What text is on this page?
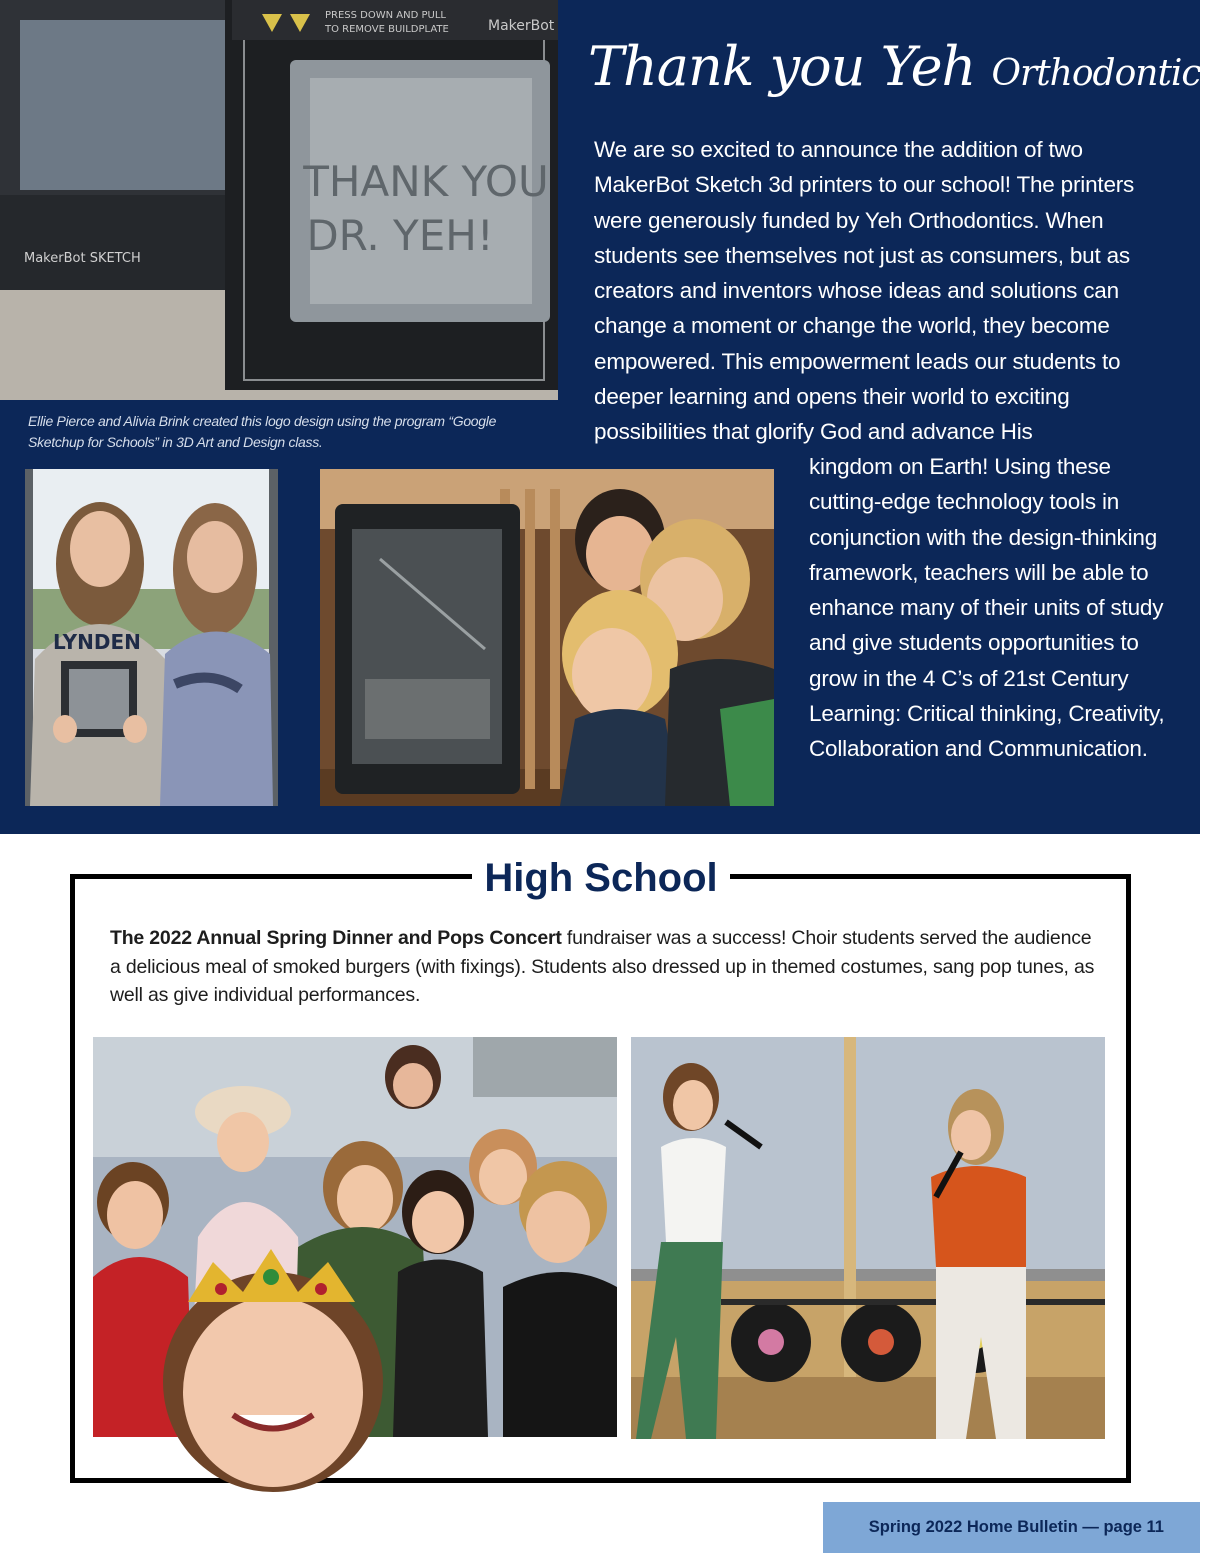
THANK YOU
DR. YEH!
MakerBot SKETCH
PRESS DOWN AND PULL
TO REMOVE BUILDPLATE	MakerBot
Ellie Pierce and Alivia Brink created this logo design using the program “Google
Sketchup for Schools” in 3D Art and Design class.
Thank you Yeh Orthodontics!

We are so excited to announce the addition of two MakerBot Sketch 3d printers to our school! The printers were generously funded by Yeh Orthodontics. When students see themselves not just as consumers, but as creators and inventors whose ideas and solutions can change a moment or change the world, they become empowered. This empowerment leads our students to deeper learning and opens their world to exciting possibilities that glorify God and advance His

kingdom on Earth! Using these cutting-edge technology tools in conjunction with the design-thinking framework, teachers will be able to enhance many of their units of study and give students opportunities to grow in the 4 C’s of 21st Century Learning: Critical thinking, Creativity, Collaboration and Communication.

LYNDEN
High School
The 2022 Annual Spring Dinner and Pops Concert fundraiser was a success! Choir students served the audience a delicious meal of smoked burgers (with fixings). Students also dressed up in themed costumes, sang pop tunes, as well as give individual performances.
Spring 2022 Home Bulletin — page 11
